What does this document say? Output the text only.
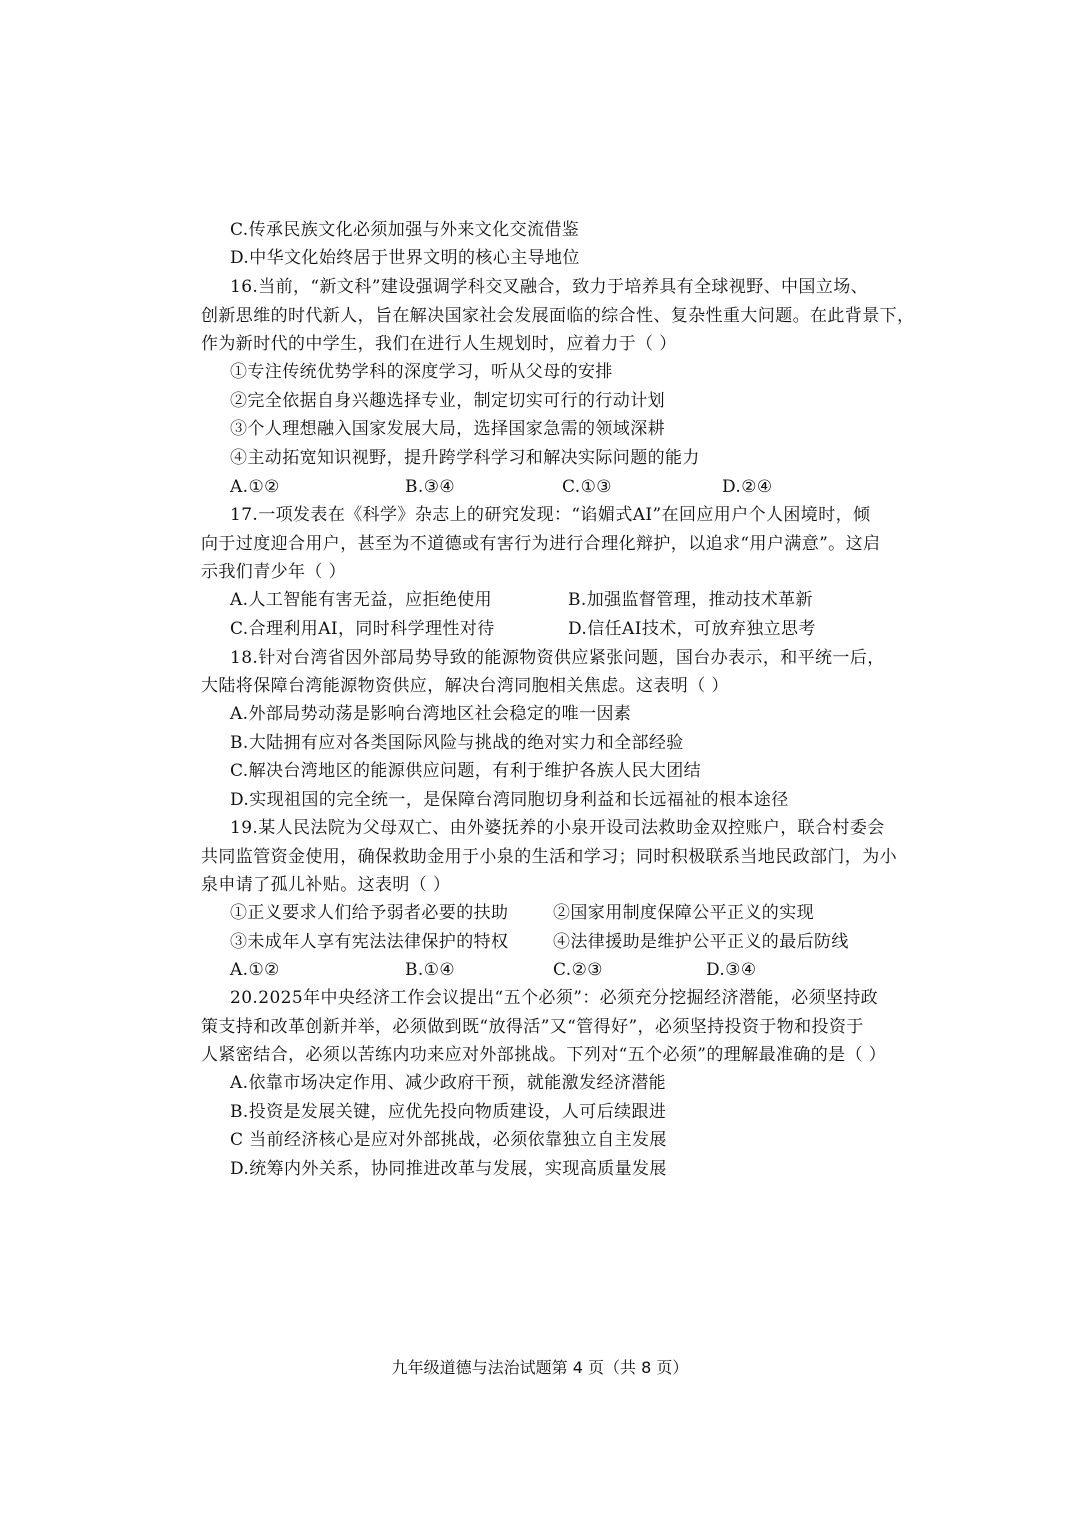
C.传承民族文化必须加强与外来文化交流借鉴
D.中华文化始终居于世界文明的核心主导地位
16.当前，“新文科”建设强调学科交叉融合，致力于培养具有全球视野、中国立场、
创新思维的时代新人，旨在解决国家社会发展面临的综合性、复杂性重大问题。在此背景下，
作为新时代的中学生，我们在进行人生规划时，应着力于（ ）
①专注传统优势学科的深度学习，听从父母的安排
②完全依据自身兴趣选择专业，制定切实可行的行动计划
③个人理想融入国家发展大局，选择国家急需的领域深耕
④主动拓宽知识视野，提升跨学科学习和解决实际问题的能力
A.①②	B.③④	C.①③	D.②④
17.一项发表在《科学》杂志上的研究发现：“谄媚式AI”在回应用户个人困境时，倾
向于过度迎合用户，甚至为不道德或有害行为进行合理化辩护，以追求“用户满意”。这启
示我们青少年（ ）
A.人工智能有害无益，应拒绝使用	B.加强监督管理，推动技术革新
C.合理利用AI，同时科学理性对待	D.信任AI技术，可放弃独立思考
18.针对台湾省因外部局势导致的能源物资供应紧张问题，国台办表示，和平统一后，
大陆将保障台湾能源物资供应，解决台湾同胞相关焦虑。这表明（ ）
A.外部局势动荡是影响台湾地区社会稳定的唯一因素
B.大陆拥有应对各类国际风险与挑战的绝对实力和全部经验
C.解决台湾地区的能源供应问题，有利于维护各族人民大团结
D.实现祖国的完全统一，是保障台湾同胞切身利益和长远福祉的根本途径
19.某人民法院为父母双亡、由外婆抚养的小泉开设司法救助金双控账户，联合村委会
共同监管资金使用，确保救助金用于小泉的生活和学习；同时积极联系当地民政部门，为小
泉申请了孤儿补贴。这表明（ ）
①正义要求人们给予弱者必要的扶助	②国家用制度保障公平正义的实现
③未成年人享有宪法法律保护的特权	④法律援助是维护公平正义的最后防线
A.①②	B.①④	C.②③	D.③④
20.2025年中央经济工作会议提出“五个必须”：必须充分挖掘经济潜能，必须坚持政
策支持和改革创新并举，必须做到既“放得活”又“管得好”，必须坚持投资于物和投资于
人紧密结合，必须以苦练内功来应对外部挑战。下列对“五个必须”的理解最准确的是（ ）
A.依靠市场决定作用、减少政府干预，就能激发经济潜能
B.投资是发展关键，应优先投向物质建设，人可后续跟进
C 当前经济核心是应对外部挑战，必须依靠独立自主发展
D.统筹内外关系，协同推进改革与发展，实现高质量发展
九年级道德与法治试题第 4 页（共 8 页）
